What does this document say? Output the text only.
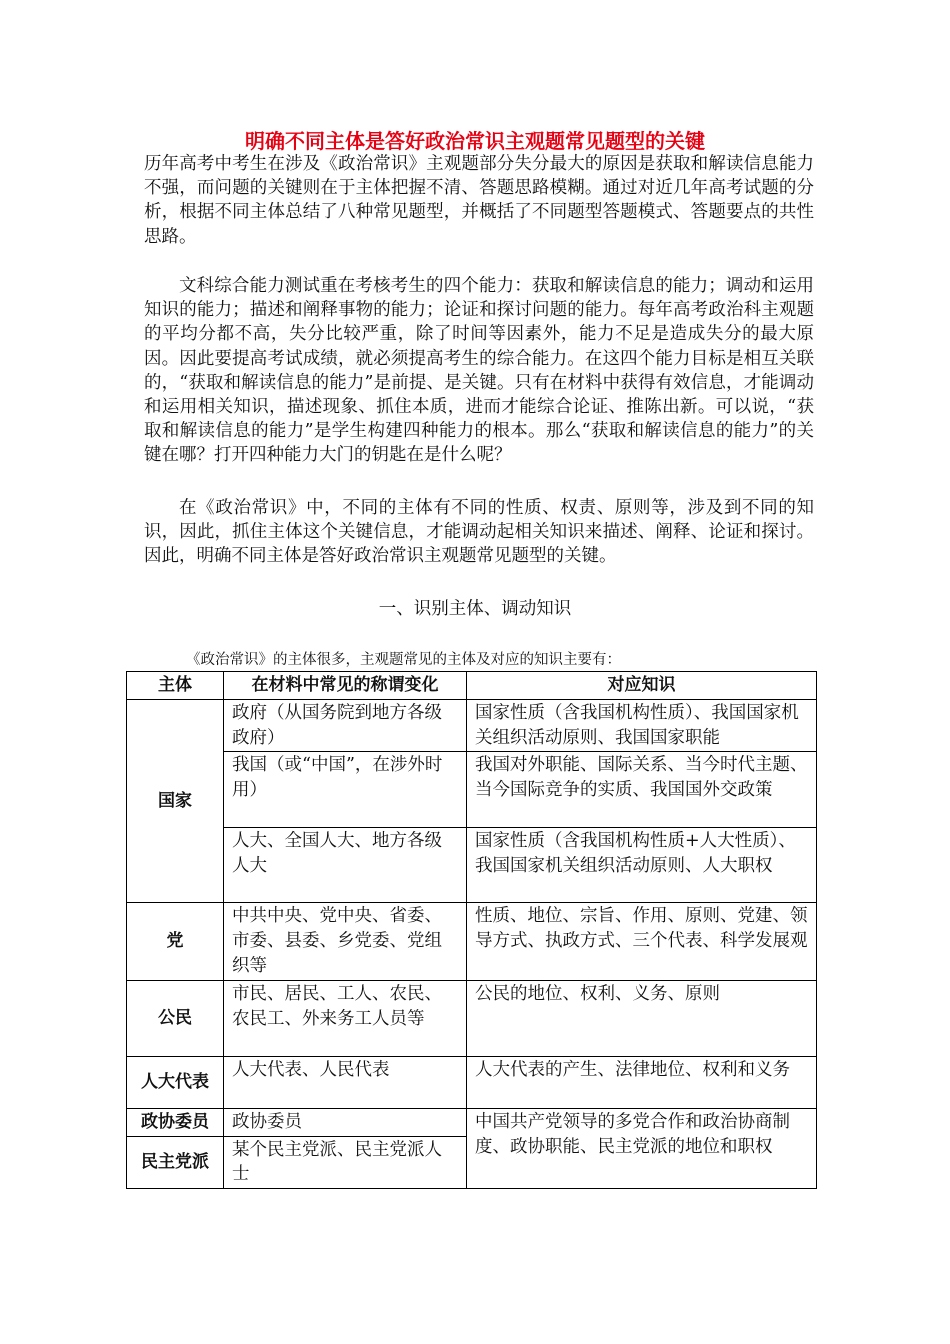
明确不同主体是答好政治常识主观题常见题型的关键
历年高考中考生在涉及《政治常识》主观题部分失分最大的原因是获取和解读信息能力不强，而问题的关键则在于主体把握不清、答题思路模糊。通过对近几年高考试题的分析，根据不同主体总结了八种常见题型，并概括了不同题型答题模式、答题要点的共性思路。
文科综合能力测试重在考核考生的四个能力：获取和解读信息的能力；调动和运用知识的能力；描述和阐释事物的能力；论证和探讨问题的能力。每年高考政治科主观题的平均分都不高，失分比较严重，除了时间等因素外，能力不足是造成失分的最大原因。因此要提高考试成绩，就必须提高考生的综合能力。在这四个能力目标是相互关联的，“获取和解读信息的能力”是前提、是关键。只有在材料中获得有效信息，才能调动和运用相关知识，描述现象、抓住本质，进而才能综合论证、推陈出新。可以说，“获取和解读信息的能力”是学生构建四种能力的根本。那么“获取和解读信息的能力”的关键在哪？打开四种能力大门的钥匙在是什么呢？
在《政治常识》中，不同的主体有不同的性质、权责、原则等，涉及到不同的知识，因此，抓住主体这个关键信息，才能调动起相关知识来描述、阐释、论证和探讨。因此，明确不同主体是答好政治常识主观题常见题型的关键。
一、识别主体、调动知识
《政治常识》的主体很多，主观题常见的主体及对应的知识主要有：
主体	在材料中常见的称谓变化	对应知识
国家	政府（从国务院到地方各级政府）	国家性质（含我国机构性质）、我国国家机关组织活动原则、我国国家职能
	我国（或“中国”，在涉外时用）	我国对外职能、国际关系、当今时代主题、当今国际竞争的实质、我国国外交政策
	人大、全国人大、地方各级人大	国家性质（含我国机构性质+人大性质）、我国国家机关组织活动原则、人大职权
党	中共中央、党中央、省委、市委、县委、乡党委、党组织等	性质、地位、宗旨、作用、原则、党建、领导方式、执政方式、三个代表、科学发展观
公民	市民、居民、工人、农民、农民工、外来务工人员等	公民的地位、权利、义务、原则
人大代表	人大代表、人民代表	人大代表的产生、法律地位、权利和义务
政协委员	政协委员	中国共产党领导的多党合作和政治协商制度、政协职能、民主党派的地位和职权
民主党派	某个民主党派、民主党派人士	
